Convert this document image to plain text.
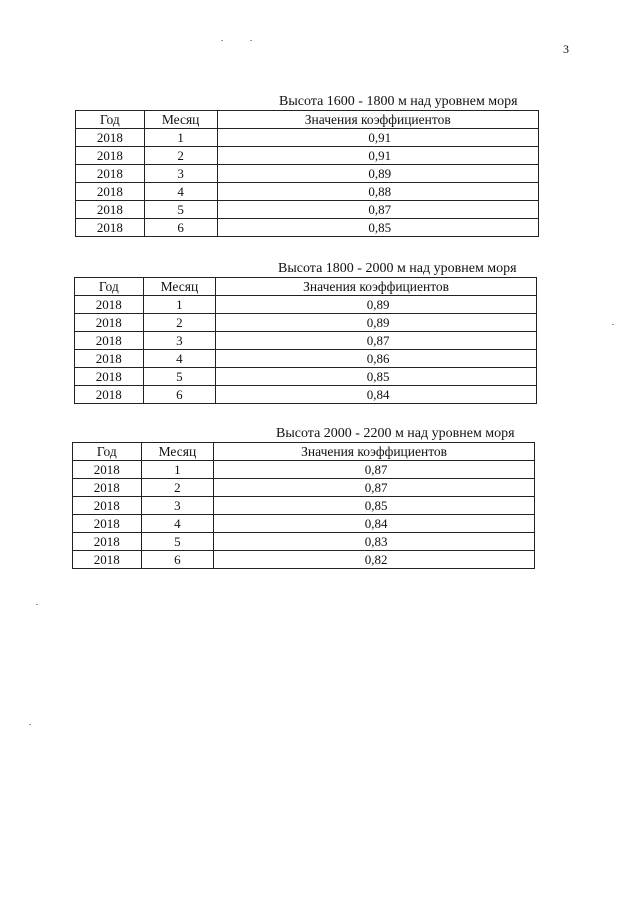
3
Высота 1600 - 1800 м над уровнем моря
Год	Месяц	Значения коэффициентов
2018	1	0,91
2018	2	0,91
2018	3	0,89
2018	4	0,88
2018	5	0,87
2018	6	0,85
Высота 1800 - 2000 м над уровнем моря
Год	Месяц	Значения коэффициентов
2018	1	0,89
2018	2	0,89
2018	3	0,87
2018	4	0,86
2018	5	0,85
2018	6	0,84
Высота 2000 - 2200 м над уровнем моря
Год	Месяц	Значения коэффициентов
2018	1	0,87
2018	2	0,87
2018	3	0,85
2018	4	0,84
2018	5	0,83
2018	6	0,82
